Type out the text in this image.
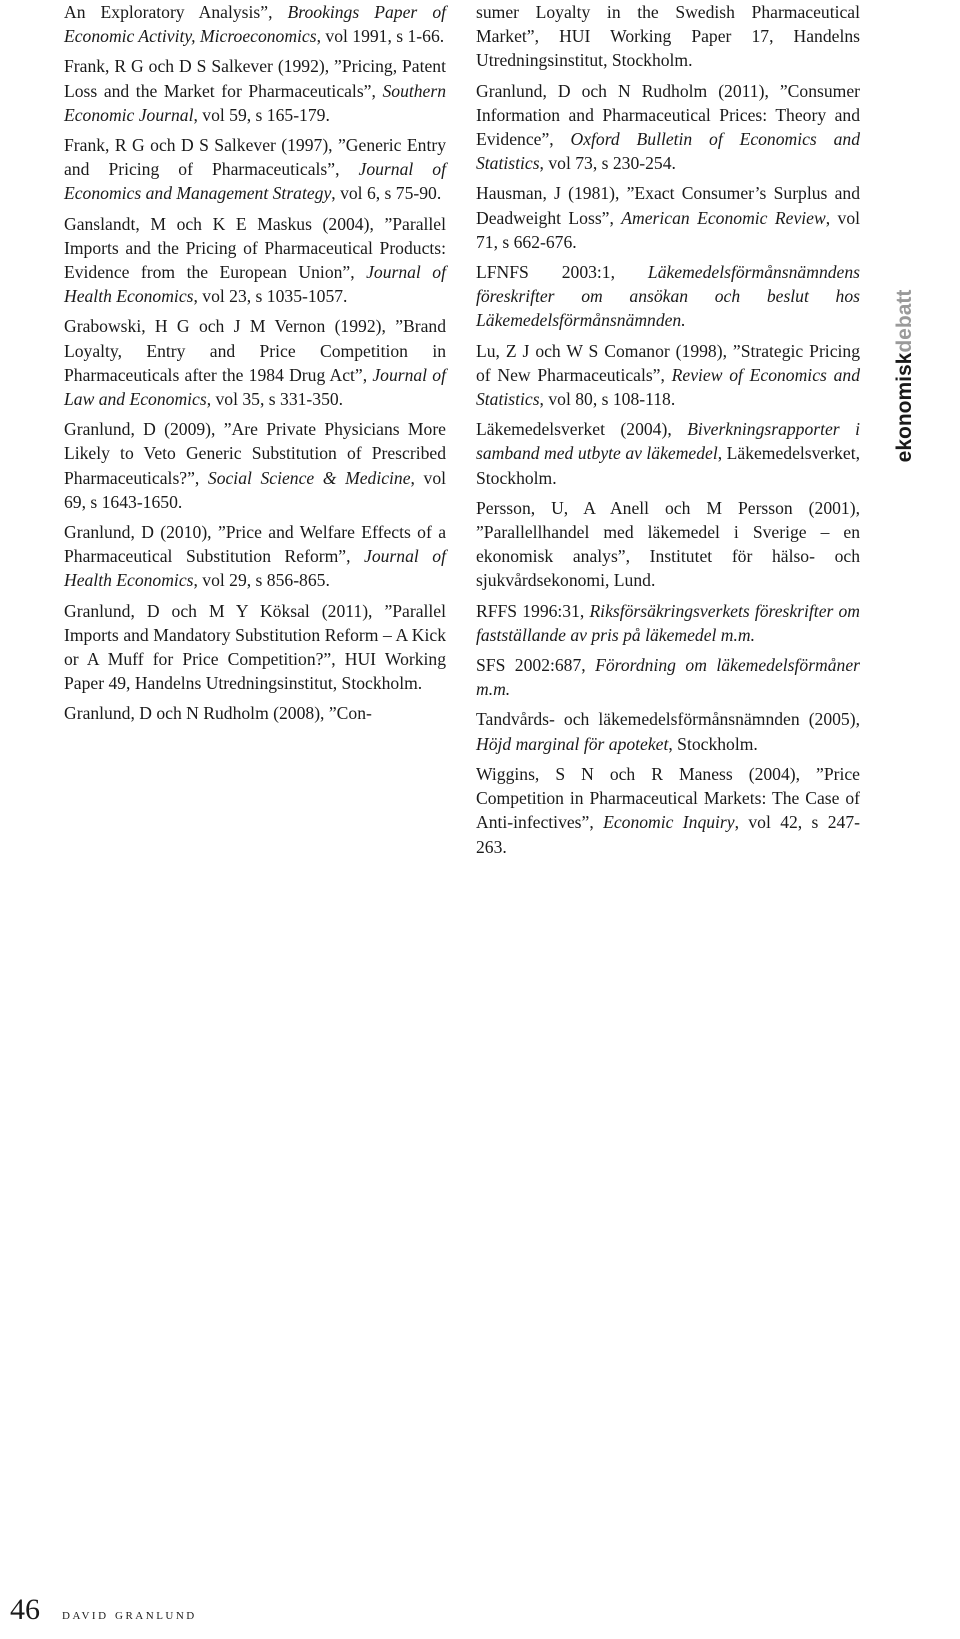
An Exploratory Analysis”, Brookings Paper of Economic Activity, Microeconomics, vol 1991, s 1-66.

Frank, R G och D S Salkever (1992), ”Pricing, Patent Loss and the Market for Pharmaceuticals”, Southern Economic Journal, vol 59, s 165-179.

Frank, R G och D S Salkever (1997), ”Generic Entry and Pricing of Pharmaceuticals”, Journal of Economics and Management Strategy, vol 6, s 75-90.

Ganslandt, M och K E Maskus (2004), ”Parallel Imports and the Pricing of Pharmaceutical Products: Evidence from the European Union”, Journal of Health Economics, vol 23, s 1035-1057.

Grabowski, H G och J M Vernon (1992), ”Brand Loyalty, Entry and Price Competition in Pharmaceuticals after the 1984 Drug Act”, Journal of Law and Economics, vol 35, s 331-350.

Granlund, D (2009), ”Are Private Physicians More Likely to Veto Generic Substitution of Prescribed Pharmaceuticals?”, Social Science & Medicine, vol 69, s 1643-1650.

Granlund, D (2010), ”Price and Welfare Effects of a Pharmaceutical Substitution Reform”, Journal of Health Economics, vol 29, s 856-865.

Granlund, D och M Y Köksal (2011), ”Parallel Imports and Mandatory Substitution Reform – A Kick or A Muff for Price Competition?”, HUI Working Paper 49, Handelns Utredningsinstitut, Stockholm.

Granlund, D och N Rudholm (2008), ”Con-

sumer Loyalty in the Swedish Pharmaceutical Market”, HUI Working Paper 17, Handelns Utredningsinstitut, Stockholm.

Granlund, D och N Rudholm (2011), ”Consumer Information and Pharmaceutical Prices: Theory and Evidence”, Oxford Bulletin of Economics and Statistics, vol 73, s 230-254.

Hausman, J (1981), ”Exact Consumer’s Surplus and Deadweight Loss”, American Economic Review, vol 71, s 662-676.

LFNFS 2003:1, Läkemedelsförmånsnämndens föreskrifter om ansökan och beslut hos Läkemedelsförmånsnämnden.

Lu, Z J och W S Comanor (1998), ”Strategic Pricing of New Pharmaceuticals”, Review of Economics and Statistics, vol 80, s 108-118.

Läkemedelsverket (2004), Biverkningsrapporter i samband med utbyte av läkemedel, Läkemedelsverket, Stockholm.

Persson, U, A Anell och M Persson (2001), ”Parallellhandel med läkemedel i Sverige – en ekonomisk analys”, Institutet för hälso- och sjukvårdsekonomi, Lund.

RFFS 1996:31, Riksförsäkringsverkets föreskrifter om fastställande av pris på läkemedel m.m.

SFS 2002:687, Förordning om läkemedelsförmåner m.m.

Tandvårds- och läkemedelsförmånsnämnden (2005), Höjd marginal för apoteket, Stockholm.

Wiggins, S N och R Maness (2004), ”Price Competition in Pharmaceutical Markets: The Case of Anti-infectives”, Economic Inquiry, vol 42, s 247-263.

ekonomiskdebatt
46	david granlund
